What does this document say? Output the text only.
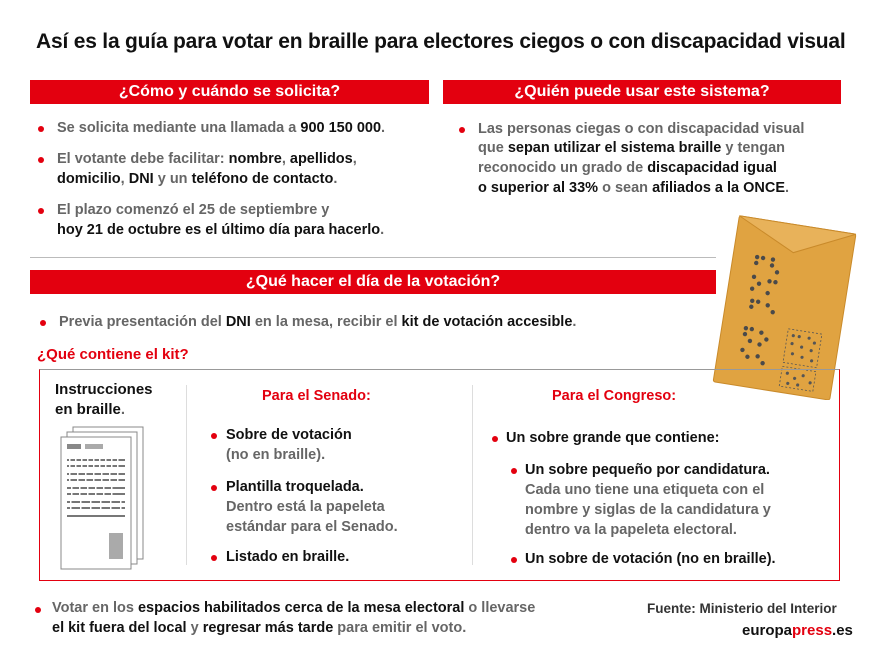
Así es la guía para votar en braille para electores ciegos o con discapacidad visual
¿Cómo y cuándo se solicita?
Se solicita mediante una llamada a 900 150 000.
El votante debe facilitar: nombre, apellidos,
domicilio, DNI y un teléfono de contacto.
El plazo comenzó el 25 de septiembre y
hoy 21 de octubre es el último día para hacerlo.
¿Quién puede usar este sistema?
Las personas ciegas o con discapacidad visual
que sepan utilizar el sistema braille y tengan
reconocido un grado de discapacidad igual
o superior al 33% o sean afiliados a la ONCE.
¿Qué hacer el día de la votación?
Previa presentación del DNI en la mesa, recibir el kit de votación accesible.
¿Qué contiene el kit?
Instrucciones
en braille.
Para el Senado:
Sobre de votación
(no en braille).
Plantilla troquelada.
Dentro está la papeleta
estándar para el Senado.
Listado en braille.
Para el Congreso:
Un sobre grande que contiene:
Un sobre pequeño por candidatura.
Cada uno tiene una etiqueta con el
nombre y siglas de la candidatura y
dentro va la papeleta electoral.
Un sobre de votación (no en braille).
Votar en los espacios habilitados cerca de la mesa electoral o llevarse
el kit fuera del local y regresar más tarde para emitir el voto.
Fuente: Ministerio del Interior
europapress.es
